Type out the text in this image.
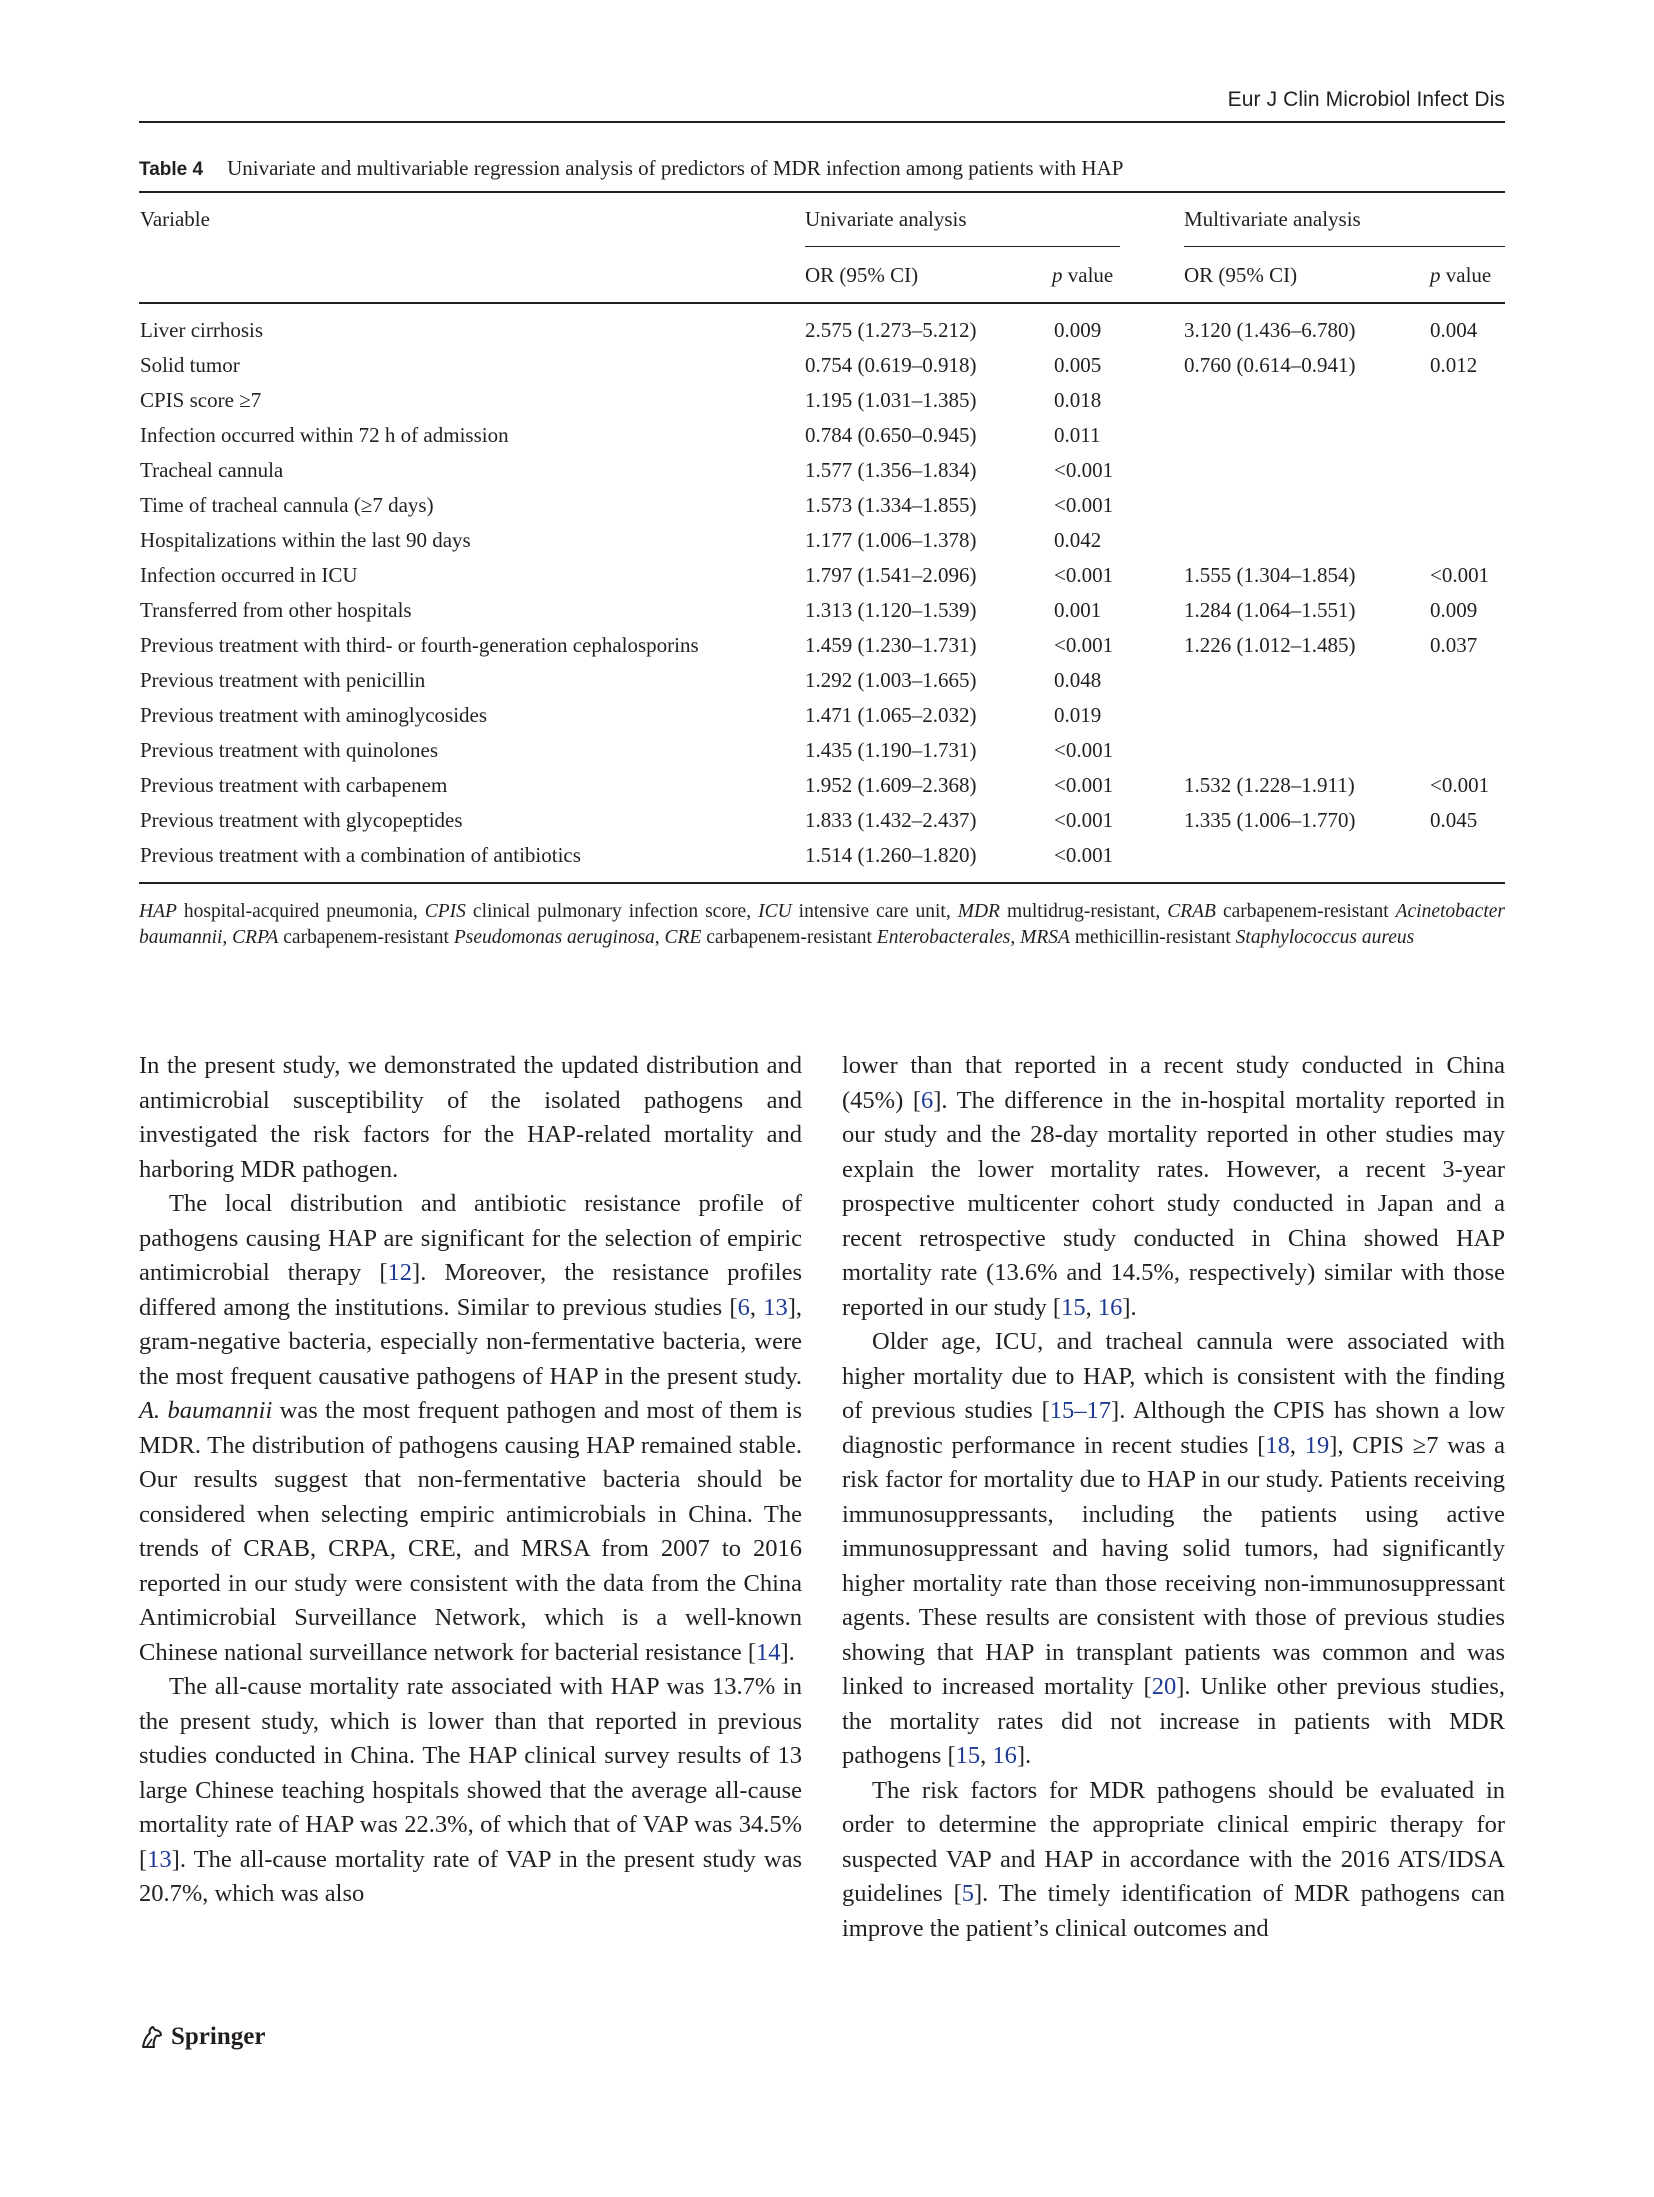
Eur J Clin Microbiol Infect Dis
Table 4 Univariate and multivariable regression analysis of predictors of MDR infection among patients with HAP
Variable	Univariate analysis	Multivariate analysis
OR (95% CI)	p value	OR (95% CI)	p value
Liver cirrhosis	2.575 (1.273–5.212)	0.009	3.120 (1.436–6.780)	0.004
Solid tumor	0.754 (0.619–0.918)	0.005	0.760 (0.614–0.941)	0.012
CPIS score ≥7	1.195 (1.031–1.385)	0.018
Infection occurred within 72 h of admission	0.784 (0.650–0.945)	0.011
Tracheal cannula	1.577 (1.356–1.834)	<0.001
Time of tracheal cannula (≥7 days)	1.573 (1.334–1.855)	<0.001
Hospitalizations within the last 90 days	1.177 (1.006–1.378)	0.042
Infection occurred in ICU	1.797 (1.541–2.096)	<0.001	1.555 (1.304–1.854)	<0.001
Transferred from other hospitals	1.313 (1.120–1.539)	0.001	1.284 (1.064–1.551)	0.009
Previous treatment with third- or fourth-generation cephalosporins	1.459 (1.230–1.731)	<0.001	1.226 (1.012–1.485)	0.037
Previous treatment with penicillin	1.292 (1.003–1.665)	0.048
Previous treatment with aminoglycosides	1.471 (1.065–2.032)	0.019
Previous treatment with quinolones	1.435 (1.190–1.731)	<0.001
Previous treatment with carbapenem	1.952 (1.609–2.368)	<0.001	1.532 (1.228–1.911)	<0.001
Previous treatment with glycopeptides	1.833 (1.432–2.437)	<0.001	1.335 (1.006–1.770)	0.045
Previous treatment with a combination of antibiotics	1.514 (1.260–1.820)	<0.001
HAP hospital-acquired pneumonia, CPIS clinical pulmonary infection score, ICU intensive care unit, MDR multidrug-resistant, CRAB carbapenem-resistant Acinetobacter baumannii, CRPA carbapenem-resistant Pseudomonas aeruginosa, CRE carbapenem-resistant Enterobacterales, MRSA methicillin-resistant Staphylococcus aureus

In the present study, we demonstrated the updated distribution and antimicrobial susceptibility of the isolated pathogens and investigated the risk factors for the HAP-related mortality and harboring MDR pathogen.

The local distribution and antibiotic resistance profile of pathogens causing HAP are significant for the selection of empiric antimicrobial therapy [12]. Moreover, the resistance profiles differed among the institutions. Similar to previous studies [6, 13], gram-negative bacteria, especially non-fermentative bacteria, were the most frequent causative pathogens of HAP in the present study. A. baumannii was the most frequent pathogen and most of them is MDR. The distribution of pathogens causing HAP remained stable. Our results suggest that non-fermentative bacteria should be considered when selecting empiric antimicrobials in China. The trends of CRAB, CRPA, CRE, and MRSA from 2007 to 2016 reported in our study were consistent with the data from the China Antimicrobial Surveillance Network, which is a well-known Chinese national surveillance network for bacterial resistance [14].

The all-cause mortality rate associated with HAP was 13.7% in the present study, which is lower than that reported in previous studies conducted in China. The HAP clinical survey results of 13 large Chinese teaching hospitals showed that the average all-cause mortality rate of HAP was 22.3%, of which that of VAP was 34.5% [13]. The all-cause mortality rate of VAP in the present study was 20.7%, which was also

lower than that reported in a recent study conducted in China (45%) [6]. The difference in the in-hospital mortality reported in our study and the 28-day mortality reported in other studies may explain the lower mortality rates. However, a recent 3-year prospective multicenter cohort study conducted in Japan and a recent retrospective study conducted in China showed HAP mortality rate (13.6% and 14.5%, respectively) similar with those reported in our study [15, 16].

Older age, ICU, and tracheal cannula were associated with higher mortality due to HAP, which is consistent with the finding of previous studies [15–17]. Although the CPIS has shown a low diagnostic performance in recent studies [18, 19], CPIS ≥7 was a risk factor for mortality due to HAP in our study. Patients receiving immunosuppressants, including the patients using active immunosuppressant and having solid tumors, had significantly higher mortality rate than those receiving non-immunosuppressant agents. These results are consistent with those of previous studies showing that HAP in transplant patients was common and was linked to increased mortality [20]. Unlike other previous studies, the mortality rates did not increase in patients with MDR pathogens [15, 16].

The risk factors for MDR pathogens should be evaluated in order to determine the appropriate clinical empiric therapy for suspected VAP and HAP in accordance with the 2016 ATS/IDSA guidelines [5]. The timely identification of MDR pathogens can improve the patient’s clinical outcomes and

Springer
